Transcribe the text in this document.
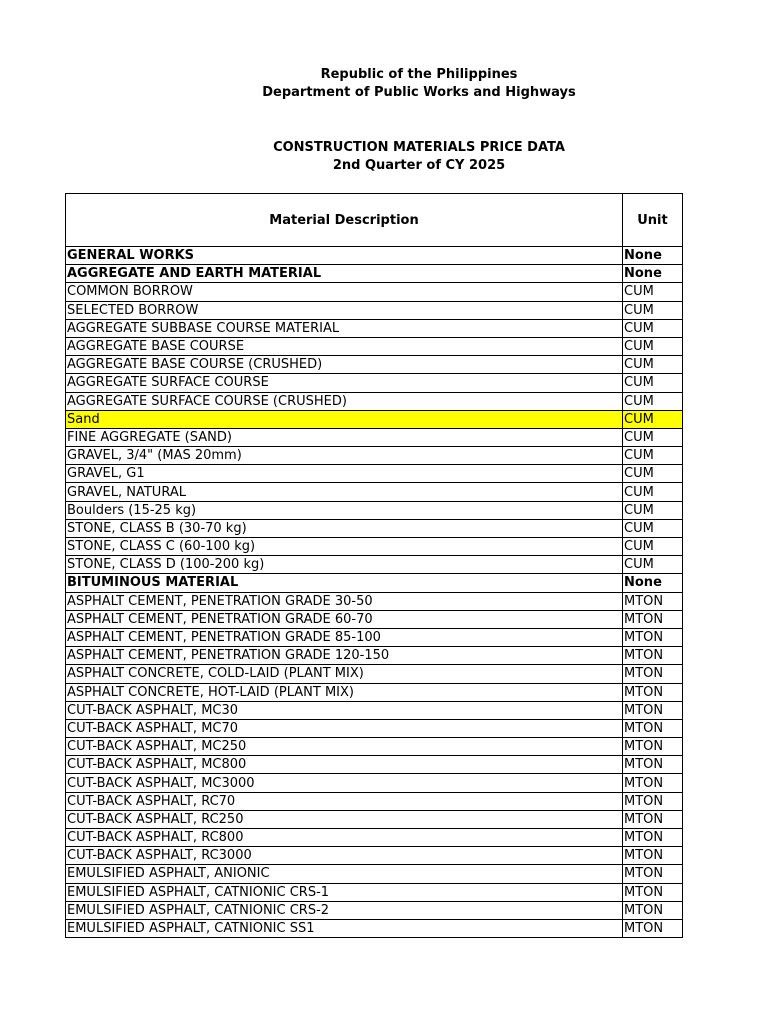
Republic of the Philippines
Department of Public Works and Highways
CONSTRUCTION MATERIALS PRICE DATA
2nd Quarter of CY 2025
Material Description	Unit
GENERAL WORKS	None
AGGREGATE AND EARTH MATERIAL	None
COMMON BORROW	CUM
SELECTED BORROW	CUM
AGGREGATE SUBBASE COURSE MATERIAL	CUM
AGGREGATE BASE COURSE	CUM
AGGREGATE BASE COURSE (CRUSHED)	CUM
AGGREGATE SURFACE COURSE	CUM
AGGREGATE SURFACE COURSE (CRUSHED)	CUM
Sand	CUM
FINE AGGREGATE (SAND)	CUM
GRAVEL, 3/4" (MAS 20mm)	CUM
GRAVEL, G1	CUM
GRAVEL, NATURAL	CUM
Boulders (15-25 kg)	CUM
STONE, CLASS B (30-70 kg)	CUM
STONE, CLASS C (60-100 kg)	CUM
STONE, CLASS D (100-200 kg)	CUM
BITUMINOUS MATERIAL	None
ASPHALT CEMENT, PENETRATION GRADE 30-50	MTON
ASPHALT CEMENT, PENETRATION GRADE 60-70	MTON
ASPHALT CEMENT, PENETRATION GRADE 85-100	MTON
ASPHALT CEMENT, PENETRATION GRADE 120-150	MTON
ASPHALT CONCRETE, COLD-LAID (PLANT MIX)	MTON
ASPHALT CONCRETE, HOT-LAID (PLANT MIX)	MTON
CUT-BACK ASPHALT, MC30	MTON
CUT-BACK ASPHALT, MC70	MTON
CUT-BACK ASPHALT, MC250	MTON
CUT-BACK ASPHALT, MC800	MTON
CUT-BACK ASPHALT, MC3000	MTON
CUT-BACK ASPHALT, RC70	MTON
CUT-BACK ASPHALT, RC250	MTON
CUT-BACK ASPHALT, RC800	MTON
CUT-BACK ASPHALT, RC3000	MTON
EMULSIFIED ASPHALT, ANIONIC	MTON
EMULSIFIED ASPHALT, CATNIONIC CRS-1	MTON
EMULSIFIED ASPHALT, CATNIONIC CRS-2	MTON
EMULSIFIED ASPHALT, CATNIONIC SS1	MTON
